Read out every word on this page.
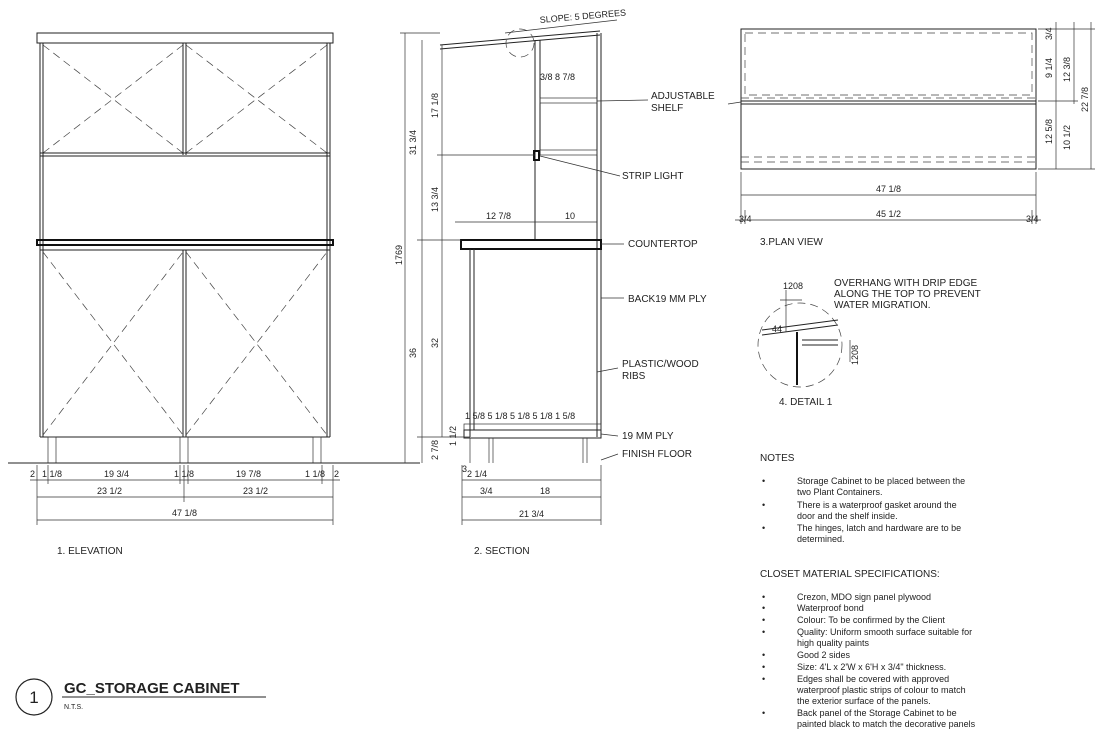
2 1 1/8	19 3/4	1 1/8	19 7/8	1 1/8 2
23 1/2	23 1/2
47 1/8
1. ELEVATION
SLOPE: 5 DEGREES
1769
31 3/4
17 1/8
13 3/4
36
32
2 7/8
1 1/2
3/8 8 7/8
12 7/8	10
1 5/8 5 1/8 5 1/8 5 1/8 1 5/8
3 2 1/4
3/4	18
21 3/4
ADJUSTABLE
SHELF
STRIP LIGHT
COUNTERTOP
BACK19 MM PLY
PLASTIC/WOOD
RIBS
19 MM PLY
FINISH FLOOR
2. SECTION
47 1/8
3/4	45 1/2	3/4
3/4
9 1/4 12 3/8
22 7/8
12 5/8 10 1/2
3.PLAN VIEW
1208
44
1208
OVERHANG WITH DRIP EDGE
ALONG THE TOP TO PREVENT
WATER MIGRATION.
4. DETAIL 1
NOTES
•	Storage Cabinet to be placed between the
two Plant Containers.
•	There is a waterproof gasket around the
door and the shelf inside.
•	The hinges, latch and hardware are to be
determined.
CLOSET MATERIAL SPECIFICATIONS:
•	Crezon, MDO sign panel plywood
•	Waterproof bond
•	Colour: To be confirmed by the Client
•	Quality: Uniform smooth surface suitable for
high quality paints
•	Good 2 sides
•	Size: 4'L x 2'W x 6'H x 3/4" thickness.
•	Edges shall be covered with approved
waterproof plastic strips of colour to match
the exterior surface of the panels.
•	Back panel of the Storage Cabinet to be
painted black to match the decorative panels
1 GC_STORAGE CABINET
N.T.S.
